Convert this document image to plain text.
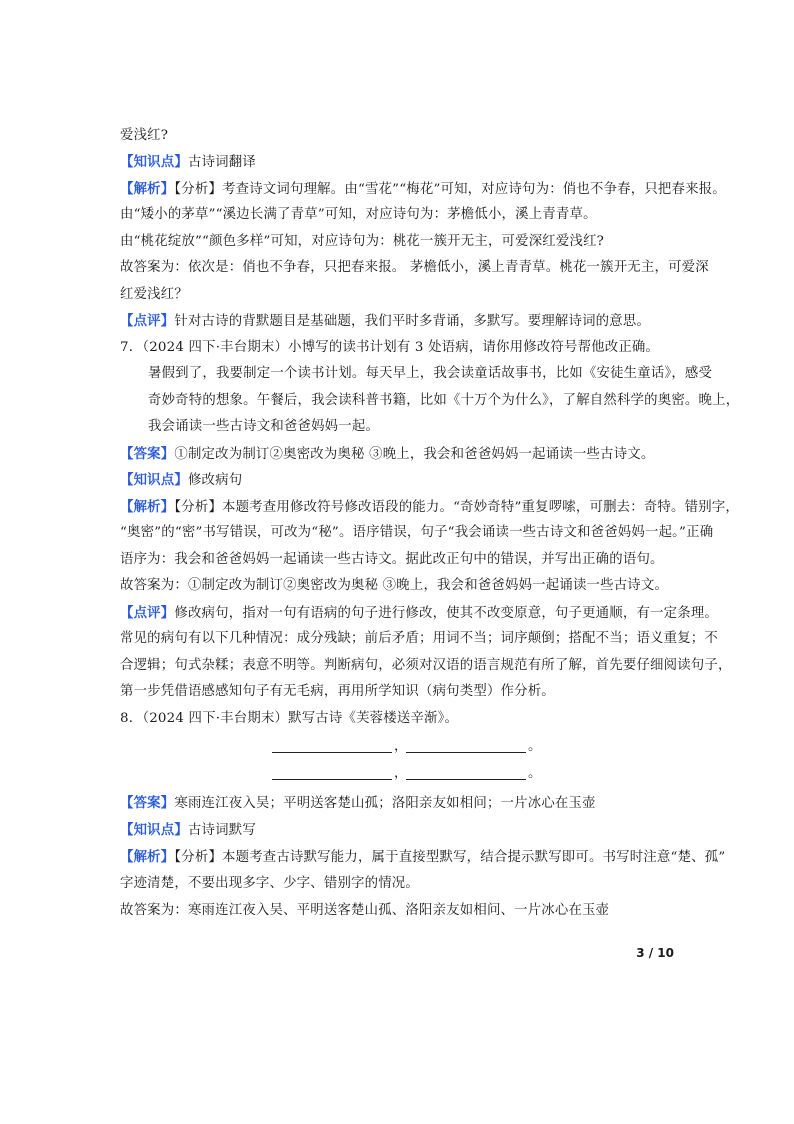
爱浅红?
【知识点】古诗词翻译
【解析】【分析】考查诗文词句理解。由“雪花”“梅花”可知，对应诗句为：俏也不争春，只把春来报。
由“矮小的茅草”“溪边长满了青草”可知，对应诗句为：茅檐低小，溪上青青草。
由“桃花绽放”“颜色多样”可知，对应诗句为：桃花一簇开无主，可爱深红爱浅红?
故答案为：依次是：俏也不争春，只把春来报。 茅檐低小，溪上青青草。桃花一簇开无主，可爱深
红爱浅红？
【点评】针对古诗的背默题目是基础题，我们平时多背诵，多默写。要理解诗词的意思。
7．（2024 四下·丰台期末）小博写的读书计划有 3 处语病，请你用修改符号帮他改正确。
暑假到了，我要制定一个读书计划。每天早上，我会读童话故事书，比如《安徒生童话》，感受
奇妙奇特的想象。午餐后，我会读科普书籍，比如《十万个为什么》，了解自然科学的奥密。晚上，
我会诵读一些古诗文和爸爸妈妈一起。
【答案】①制定改为制订②奥密改为奥秘 ③晚上，我会和爸爸妈妈一起诵读一些古诗文。
【知识点】修改病句
【解析】【分析】本题考查用修改符号修改语段的能力。“奇妙奇特”重复啰嗦，可删去：奇特。错别字，
“奥密”的“密”书写错误，可改为“秘”。语序错误，句子“我会诵读一些古诗文和爸爸妈妈一起。”正确
语序为：我会和爸爸妈妈一起诵读一些古诗文。据此改正句中的错误，并写出正确的语句。
故答案为：①制定改为制订②奥密改为奥秘 ③晚上，我会和爸爸妈妈一起诵读一些古诗文。
【点评】修改病句，指对一句有语病的句子进行修改，使其不改变原意，句子更通顺，有一定条理。
常见的病句有以下几种情况：成分残缺；前后矛盾；用词不当；词序颠倒；搭配不当；语义重复；不
合逻辑；句式杂糅；表意不明等。判断病句，必须对汉语的语言规范有所了解，首先要仔细阅读句子，
第一步凭借语感感知句子有无毛病，再用所学知识（病句类型）作分析。
8．（2024 四下·丰台期末）默写古诗《芙蓉楼送辛渐》。
，	。
，	。
【答案】寒雨连江夜入吴；平明送客楚山孤；洛阳亲友如相问；一片冰心在玉壶
【知识点】古诗词默写
【解析】【分析】本题考查古诗默写能力，属于直接型默写，结合提示默写即可。书写时注意“楚、孤”
字迹清楚，不要出现多字、少字、错别字的情况。
故答案为：寒雨连江夜入吴、平明送客楚山孤、洛阳亲友如相问、一片冰心在玉壶
3 / 10
